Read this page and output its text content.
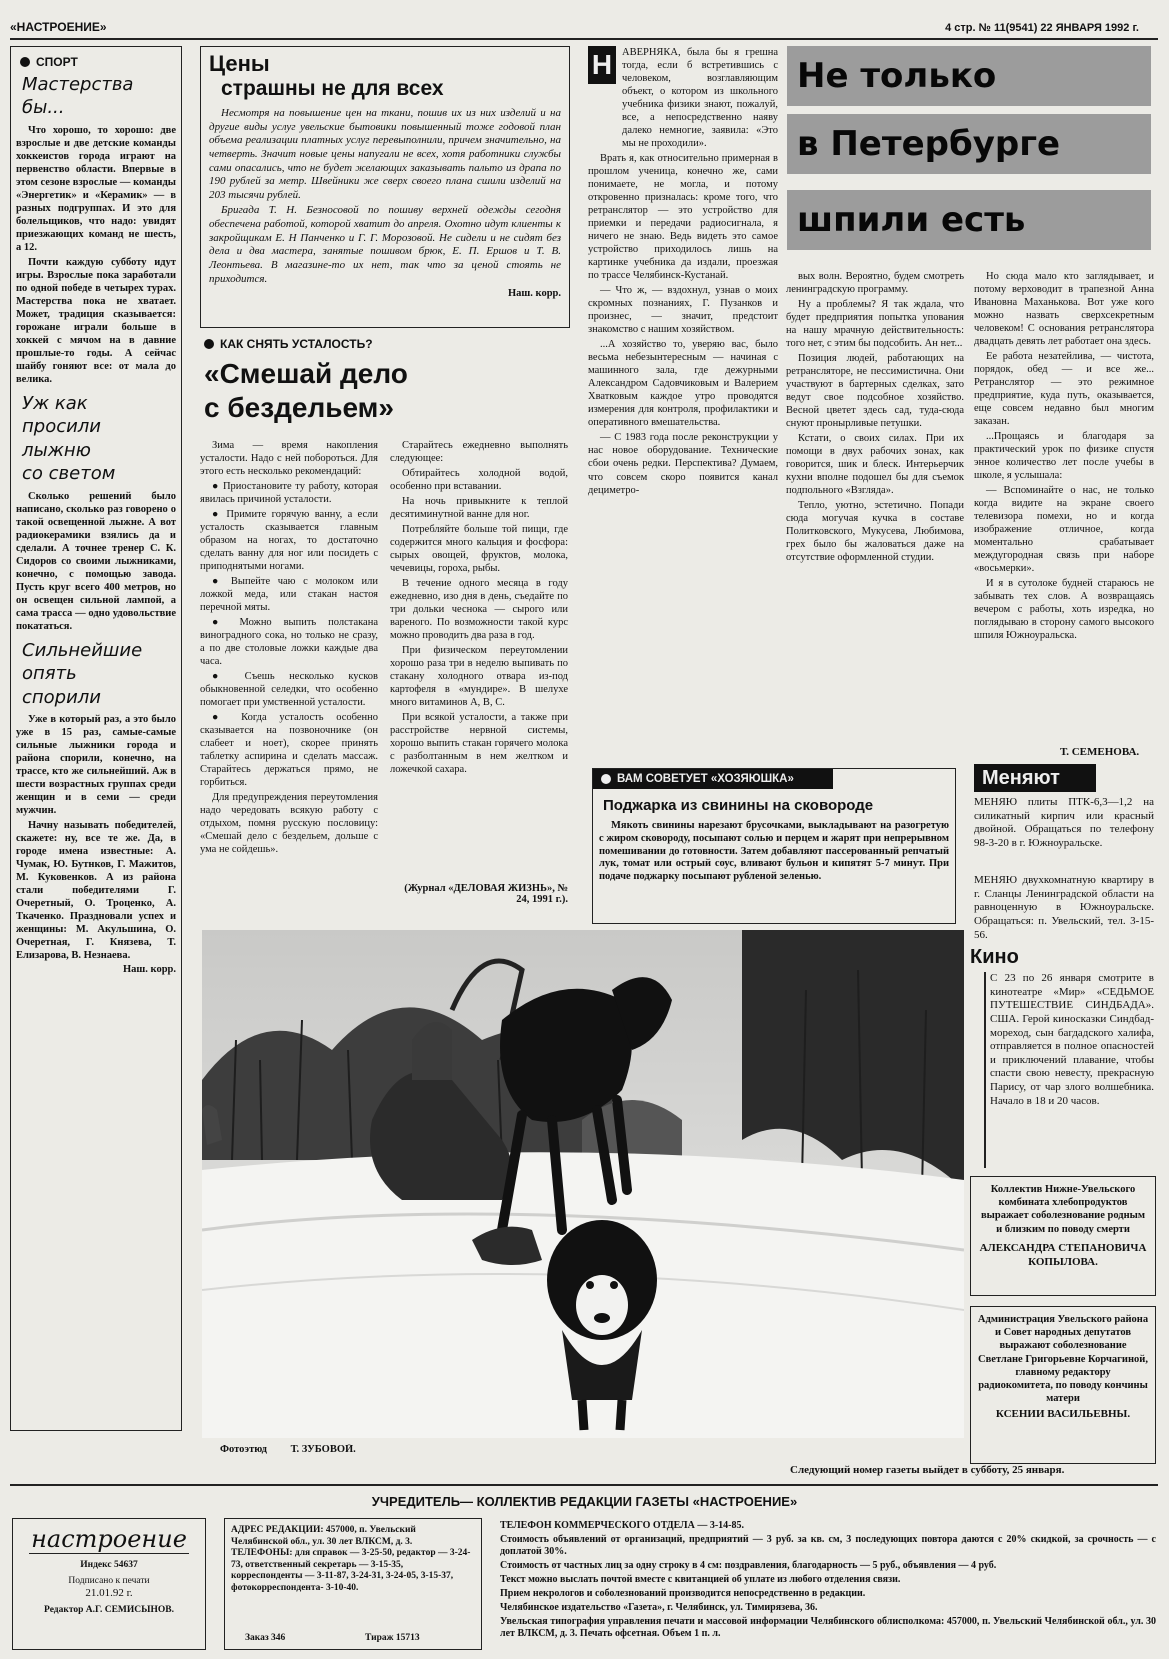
«НАСТРОЕНИЕ»	4 стр. № 11(9541) 22 ЯНВАРЯ 1992 г.
СПОРТ
Мастерства бы...
Что хорошо, то хорошо: две взрослые и две детские команды хоккеистов города играют на первенство области. Впервые в этом сезоне взрослые — команды «Энергетик» и «Керамик» — в разных подгруппах. И это для болельщиков, что надо: увидят приезжающих команд не шесть, а 12.
Почти каждую субботу идут игры. Взрослые пока заработали по одной победе в четырех турах. Мастерства пока не хватает. Может, традиция сказывается: горожане играли больше в хоккей с мячом на в давние прошлые-то годы. А сейчас шайбу гоняют все: от мала до велика.
Уж как
просили
лыжню
со светом
Сколько решений было написано, сколько раз говорено о такой освещенной лыжне. А вот радиокерамики взялись да и сделали. А точнее тренер С. К. Сидоров со своими лыжниками, конечно, с помощью завода. Пусть круг всего 400 метров, но он освещен сильной лампой, а сама трасса — одно удовольствие покататься.
Сильнейшие
опять
спорили
Уже в который раз, а это было уже в 15 раз, самые-самые сильные лыжники города и района спорили, конечно, на трассе, кто же сильнейший. Аж в шести возрастных группах среди женщин и в семи — среди мужчин.
Начну называть победителей, скажете: ну, все те же. Да, в городе имена известные: А. Чумак, Ю. Бутнков, Г. Мажитов, М. Куковенков. А из района стали победителями Г. Очеретный, О. Троценко, А. Ткаченко. Праздновали успех и женщины: М. Акульшина, О. Очеретная, Г. Князева, Т. Елизарова, В. Незнаева.
Наш. корр.
Цены
страшны не для всех
Несмотря на повышение цен на ткани, пошив их из них изделий и на другие виды услуг увельские бытовики повышенный тоже годовой план объема реализации платных услуг перевыполнили, причем значительно, на четверть. Значит новые цены напугали не всех, хотя работники службы сами опасались, что не будет желающих заказывать пальто из драпа по 190 рублей за метр. Швейники же сверх своего плана сшили изделий на 203 тысячи рублей.
Бригада Т. Н. Безносовой по пошиву верхней одежды сегодня обеспечена работой, которой хватит до апреля. Охотно идут клиенты к закройщикам Е. Н Панченко и Г. Г. Морозовой. Не сидели и не сидят без дела и два мастера, занятые пошивом брюк, Е. П. Ершов и Т. В. Леонтьева. В магазине-то их нет, так что за ценой стоять не приходится.
Наш. корр.
КАК СНЯТЬ УСТАЛОСТЬ?
«Смешай дело
с бездельем»
Зима — время накопления усталости. Надо с ней побороться. Для этого есть несколько рекомендаций:
● Приостановите ту работу, которая явилась причиной усталости.
● Примите горячую ванну, а если усталость сказывается главным образом на ногах, то достаточно сделать ванну для ног или посидеть с приподнятыми ногами.
● Выпейте чаю с молоком или ложкой меда, или стакан настоя перечной мяты.
● Можно выпить полстакана виноградного сока, но только не сразу, а по две столовые ложки каждые два часа.
● Съешь несколько кусков обыкновенной селедки, что особенно помогает при умственной усталости.
● Когда усталость особенно сказывается на позвоночнике (он слабеет и ноет), скорее принять таблетку аспирина и сделать массаж. Старайтесь держаться прямо, не горбиться.
Для предупреждения переутомления надо чередовать всякую работу с отдыхом, помня русскую пословицу: «Смешай дело с бездельем, дольше с ума не сойдешь».
Старайтесь ежедневно выполнять следующее:
Обтирайтесь холодной водой, особенно при вставании.
На ночь привыкните к теплой десятиминутной ванне для ног.
Потребляйте больше той пищи, где содержится много кальция и фосфора: сырых овощей, фруктов, молока, чечевицы, гороха, рыбы.
В течение одного месяца в году ежедневно, изо дня в день, съедайте по три дольки чеснока — сырого или вареного. По возможности такой курс можно проводить два раза в год.
При физическом переутомлении хорошо раза три в неделю выпивать по стакану холодного отвара из-под картофеля в «мундире». В шелухе много витаминов А, В, С.
При всякой усталости, а также при расстройстве нервной системы, хорошо выпить стакан горячего молока с разболтанным в нем желтком и ложечкой сахара.
(Журнал «ДЕЛОВАЯ ЖИЗНЬ», № 24, 1991 г.).
Н АВЕРНЯКА, была бы я грешна тогда, если б встретившись с человеком, возглавляющим объект, о котором из школьного учебника физики знают, пожалуй, все, а непосредственно наяву далеко немногие, заявила: «Это мы не проходили».
Врать я, как относительно примерная в прошлом ученица, конечно же, сами понимаете, не могла, и потому откровенно призналась: кроме того, что ретранслятор — это устройство для приемки и передачи радиосигнала, я ничего не знаю. Ведь видеть это самое устройство приходилось лишь на картинке учебника да издали, проезжая по трассе Челябинск-Кустанай.
— Что ж, — вздохнул, узнав о моих скромных познаниях, Г. Пузанков и произнес, — значит, предстоит знакомство с нашим хозяйством.
...А хозяйство то, уверяю вас, было весьма небезынтересным — начиная с машинного зала, где дежурными Александром Садовчиковым и Валерием Хватковым каждое утро проводятся измерения для контроля, профилактики и оперативного вмешательства.
— С 1983 года после реконструкции у нас новое оборудование. Технические сбои очень редки. Перспектива? Думаем, что совсем скоро появится канал дециметро-
Не только
в Петербурге
шпили есть
вых волн. Вероятно, будем смотреть ленинградскую программу.
Ну а проблемы? Я так ждала, что будет предприятия попытка упования на нашу мрачную действительность: того нет, с этим бы подсобить. Ан нет...
Позиция людей, работающих на ретрансляторе, не пессимистична. Они участвуют в бартерных сделках, зато ведут свое подсобное хозяйство. Весной цветет здесь сад, туда-сюда снуют пронырливые петушки.
Кстати, о своих силах. При их помощи в двух рабочих зонах, как говорится, шик и блеск. Интерьерчик кухни вполне подошел бы для съемок подпольного «Взгляда».
Тепло, уютно, эстетично. Попади сюда могучая кучка в составе Политковского, Мукусева, Любимова, грех было бы жаловаться даже на отсутствие оформленной студии.
Но сюда мало кто заглядывает, и потому верховодит в трапезной Анна Ивановна Маханькова. Вот уже кого можно назвать сверхсекретным человеком! С основания ретранслятора двадцать девять лет работает она здесь.
Ее работа незатейлива, — чистота, порядок, обед — и все же... Ретранслятор — это режимное предприятие, куда путь, оказывается, еще совсем недавно был многим заказан.
...Прощаясь и благодаря за практический урок по физике спустя энное количество лет после учебы в школе, я услышала:
— Вспоминайте о нас, не только когда видите на экране своего телевизора помехи, но и когда изображение отличное, когда моментально срабатывает междугородная связь при наборе «восьмерки».
И я в сутолоке будней стараюсь не забывать тех слов. А возвращаясь вечером с работы, хоть изредка, но поглядываю в сторону самого высокого шпиля Южноуральска.
Т. СЕМЕНОВА.
ВАМ СОВЕТУЕТ «ХОЗЯЮШКА»
Поджарка из свинины на сковороде
Мякоть свинины нарезают брусочками, выкладывают на разогретую с жиром сковороду, посыпают солью и перцем и жарят при непрерывном помешивании до готовности. Затем добавляют пассерованный репчатый лук, томат или острый соус, вливают бульон и кипятят 5-7 минут. При подаче поджарку посыпают рубленой зеленью.
Меняют
МЕНЯЮ плиты ПТК-6,3—1,2 на силикатный кирпич или красный двойной. Обращаться по телефону 98-3-20 в г. Южноуральске.
МЕНЯЮ двухкомнатную квартиру в г. Сланцы Ленинградской области на равноценную в Южноуральске. Обращаться: п. Увельский, тел. 3-15-56.
Кино
С 23 по 26 января смотрите в кинотеатре «Мир» «СЕДЬМОЕ ПУТЕШЕСТВИЕ СИНДБАДА». США. Герой киносказки Синдбад-мореход, сын багдадского халифа, отправляется в полное опасностей и приключений плавание, чтобы спасти свою невесту, прекрасную Парису, от чар злого волшебника. Начало в 18 и 20 часов.
Коллектив Нижне-Увельского комбината хлебопродуктов выражает соболезнование родным и близким по поводу смерти
АЛЕКСАНДРА СТЕПАНОВИЧА КОПЫЛОВА.
Администрация Увельского района и Совет народных депутатов выражают соболезнование Светлане Григорьевне Корчагиной, главному редактору радиокомитета, по поводу кончины матери
КСЕНИИ ВАСИЛЬЕВНЫ.
Фотоэтюд Т. ЗУБОВОЙ.
Следующий номер газеты выйдет в субботу, 25 января.
УЧРЕДИТЕЛЬ— КОЛЛЕКТИВ РЕДАКЦИИ ГАЗЕТЫ «НАСТРОЕНИЕ»
настроение
Индекс 54637
Подписано к печати
21.01.92 г.
Редактор А.Г. СЕМИСЫНОВ.
АДРЕС РЕДАКЦИИ: 457000, п. Увельский Челябинской обл., ул. 30 лет ВЛКСМ, д. 3. ТЕЛЕФОНЫ: для справок — 3-25-50, редактор — 3-24-73, ответственный секретарь — 3-15-35, корреспонденты — 3-11-87, 3-24-31, 3-24-05, 3-15-37, фотокорреспондента- 3-10-40.
Заказ 346	Тираж 15713
ТЕЛЕФОН КОММЕРЧЕСКОГО ОТДЕЛА — 3-14-85.
Стоимость объявлений от организаций, предприятий — 3 руб. за кв. см, 3 последующих повтора даются с 20% скидкой, за срочность — с доплатой 30%.
Стоимость от частных лиц за одну строку в 4 см: поздравления, благодарность — 5 руб., объявления — 4 руб.
Текст можно выслать почтой вместе с квитанцией об уплате из любого отделения связи.
Прием некрологов и соболезнований производится непосредственно в редакции.
Челябинское издательство «Газета», г. Челябинск, ул. Тимирязева, 36.
Увельская типография управления печати и массовой информации Челябинского облисполкома: 457000, п. Увельский Челябинской обл., ул. 30 лет ВЛКСМ, д. 3. Печать офсетная. Объем 1 п. л.
